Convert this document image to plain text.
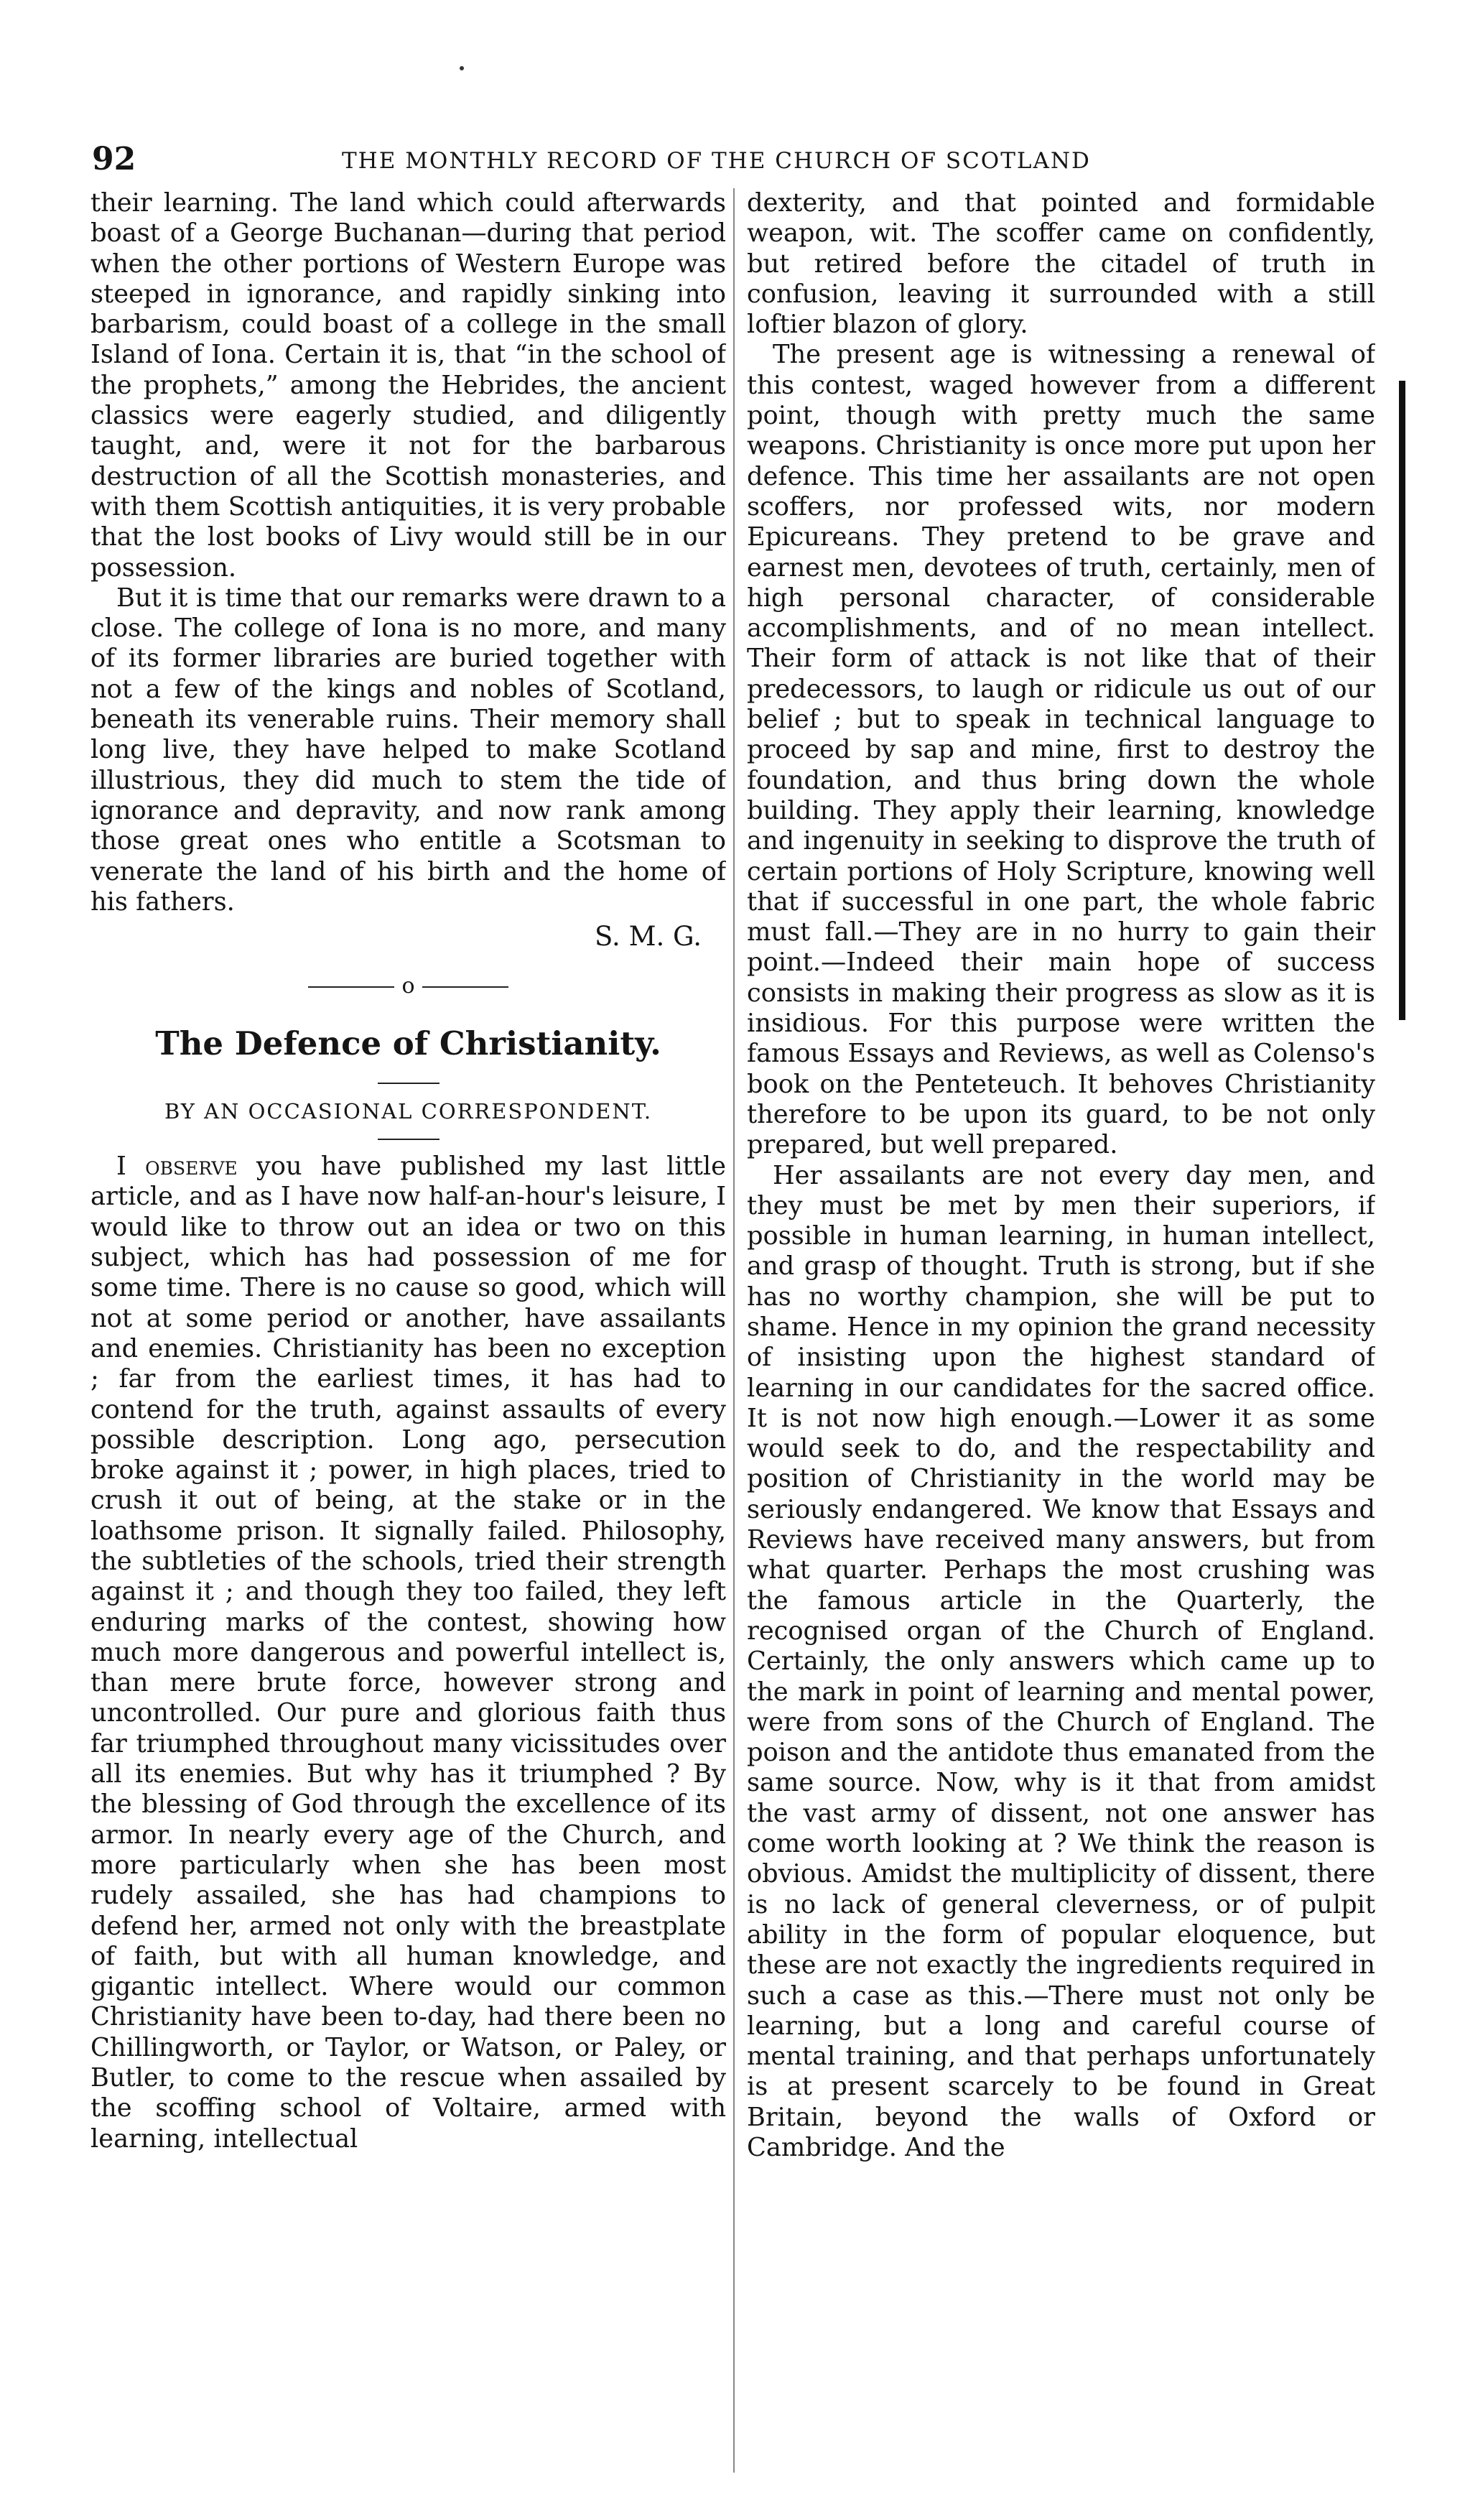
92	THE MONTHLY RECORD OF THE CHURCH OF SCOTLAND

their learning. The land which could afterwards boast of a George Buchanan—during that period when the other portions of Western Europe was steeped in ignorance, and rapidly sinking into barbarism, could boast of a college in the small Island of Iona. Certain it is, that “in the school of the prophets,” among the Hebrides, the ancient classics were eagerly studied, and diligently taught, and, were it not for the barbarous destruction of all the Scottish monasteries, and with them Scottish antiquities, it is very probable that the lost books of Livy would still be in our possession.

But it is time that our remarks were drawn to a close. The college of Iona is no more, and many of its former libraries are buried together with not a few of the kings and nobles of Scotland, beneath its venerable ruins. Their memory shall long live, they have helped to make Scotland illustrious, they did much to stem the tide of ignorance and depravity, and now rank among those great ones who entitle a Scotsman to venerate the land of his birth and the home of his fathers.

S. M. G.

o
The Defence of Christianity.

BY AN OCCASIONAL CORRESPONDENT.

I observe you have published my last little article, and as I have now half-an-hour's leisure, I would like to throw out an idea or two on this subject, which has had possession of me for some time. There is no cause so good, which will not at some period or another, have assailants and enemies. Christianity has been no exception ; far from the earliest times, it has had to contend for the truth, against assaults of every possible description. Long ago, persecution broke against it ; power, in high places, tried to crush it out of being, at the stake or in the loathsome prison. It signally failed. Philosophy, the subtleties of the schools, tried their strength against it ; and though they too failed, they left enduring marks of the contest, showing how much more dangerous and powerful intellect is, than mere brute force, however strong and uncontrolled. Our pure and glorious faith thus far triumphed throughout many vicissitudes over all its enemies. But why has it triumphed ? By the blessing of God through the excellence of its armor. In nearly every age of the Church, and more particularly when she has been most rudely assailed, she has had champions to defend her, armed not only with the breastplate of faith, but with all human knowledge, and gigantic intellect. Where would our common Christianity have been to-day, had there been no Chillingworth, or Taylor, or Watson, or Paley, or Butler, to come to the rescue when assailed by the scoffing school of Voltaire, armed with learning, intellectual

dexterity, and that pointed and formidable weapon, wit. The scoffer came on confidently, but retired before the citadel of truth in confusion, leaving it surrounded with a still loftier blazon of glory.

The present age is witnessing a renewal of this contest, waged however from a different point, though with pretty much the same weapons. Christianity is once more put upon her defence. This time her assailants are not open scoffers, nor professed wits, nor modern Epicureans. They pretend to be grave and earnest men, devotees of truth, certainly, men of high personal character, of considerable accomplishments, and of no mean intellect. Their form of attack is not like that of their predecessors, to laugh or ridicule us out of our belief ; but to speak in technical language to proceed by sap and mine, first to destroy the foundation, and thus bring down the whole building. They apply their learning, knowledge and ingenuity in seeking to disprove the truth of certain portions of Holy Scripture, knowing well that if successful in one part, the whole fabric must fall.—They are in no hurry to gain their point.—Indeed their main hope of success consists in making their progress as slow as it is insidious. For this purpose were written the famous Essays and Reviews, as well as Colenso's book on the Penteteuch. It behoves Christianity therefore to be upon its guard, to be not only prepared, but well prepared.

Her assailants are not every day men, and they must be met by men their superiors, if possible in human learning, in human intellect, and grasp of thought. Truth is strong, but if she has no worthy champion, she will be put to shame. Hence in my opinion the grand necessity of insisting upon the highest standard of learning in our candidates for the sacred office. It is not now high enough.—Lower it as some would seek to do, and the respectability and position of Christianity in the world may be seriously endangered. We know that Essays and Reviews have received many answers, but from what quarter. Perhaps the most crushing was the famous article in the Quarterly, the recognised organ of the Church of England. Certainly, the only answers which came up to the mark in point of learning and mental power, were from sons of the Church of England. The poison and the antidote thus emanated from the same source. Now, why is it that from amidst the vast army of dissent, not one answer has come worth looking at ? We think the reason is obvious. Amidst the multiplicity of dissent, there is no lack of general cleverness, or of pulpit ability in the form of popular eloquence, but these are not exactly the ingredients required in such a case as this.—There must not only be learning, but a long and careful course of mental training, and that perhaps unfortunately is at present scarcely to be found in Great Britain, beyond the walls of Oxford or Cambridge. And the
